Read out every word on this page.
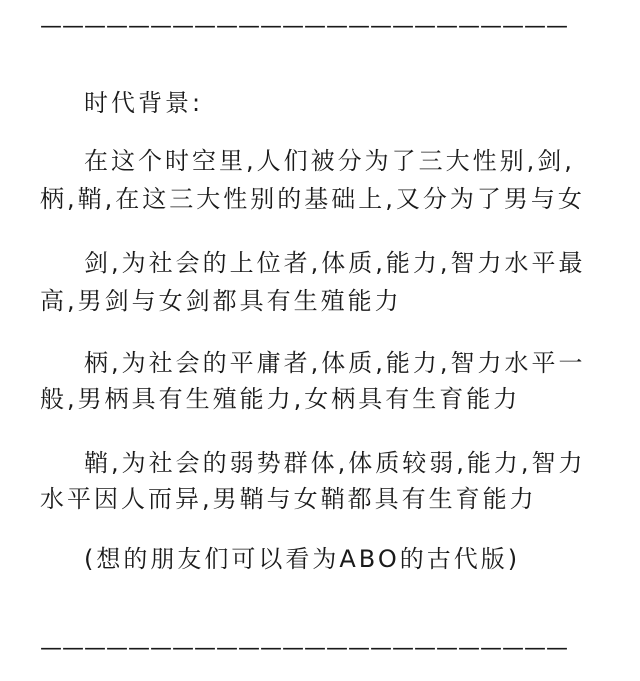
————————————————————————
时代背景:
在这个时空里,人们被分为了三大性别,剑,
柄,鞘,在这三大性别的基础上,又分为了男与女
剑,为社会的上位者,体质,能力,智力水平最
高,男剑与女剑都具有生殖能力
柄,为社会的平庸者,体质,能力,智力水平一
般,男柄具有生殖能力,女柄具有生育能力
鞘,为社会的弱势群体,体质较弱,能力,智力
水平因人而异,男鞘与女鞘都具有生育能力
(想的朋友们可以看为ABO的古代版)
————————————————————————
